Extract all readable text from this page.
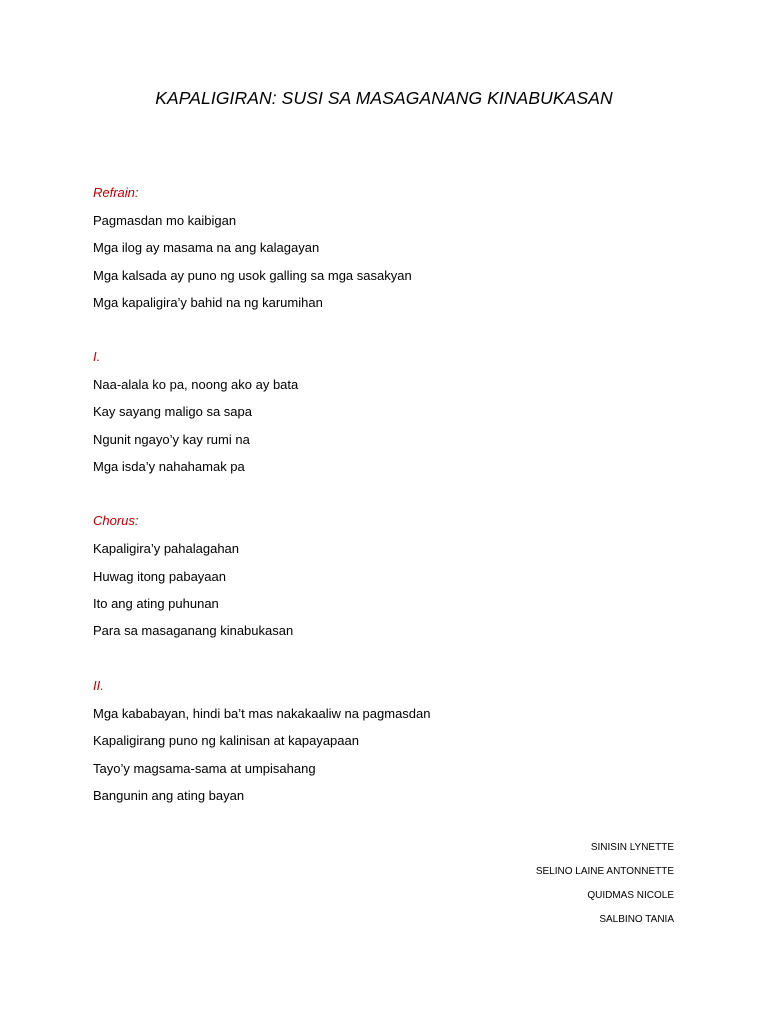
KAPALIGIRAN: SUSI SA MASAGANANG KINABUKASAN
Refrain:
Pagmasdan mo kaibigan
Mga ilog ay masama na ang kalagayan
Mga kalsada ay puno ng usok galling sa mga sasakyan
Mga kapaligira’y bahid na ng karumihan
I.
Naa-alala ko pa, noong ako ay bata
Kay sayang maligo sa sapa
Ngunit ngayo’y kay rumi na
Mga isda’y nahahamak pa
Chorus:
Kapaligira’y pahalagahan
Huwag itong pabayaan
Ito ang ating puhunan
Para sa masaganang kinabukasan
II.
Mga kababayan, hindi ba’t mas nakakaaliw na pagmasdan
Kapaligirang puno ng kalinisan at kapayapaan
Tayo’y magsama-sama at umpisahang
Bangunin ang ating bayan
SINISIN LYNETTE
SELINO LAINE ANTONNETTE
QUIDMAS NICOLE
SALBINO TANIA
